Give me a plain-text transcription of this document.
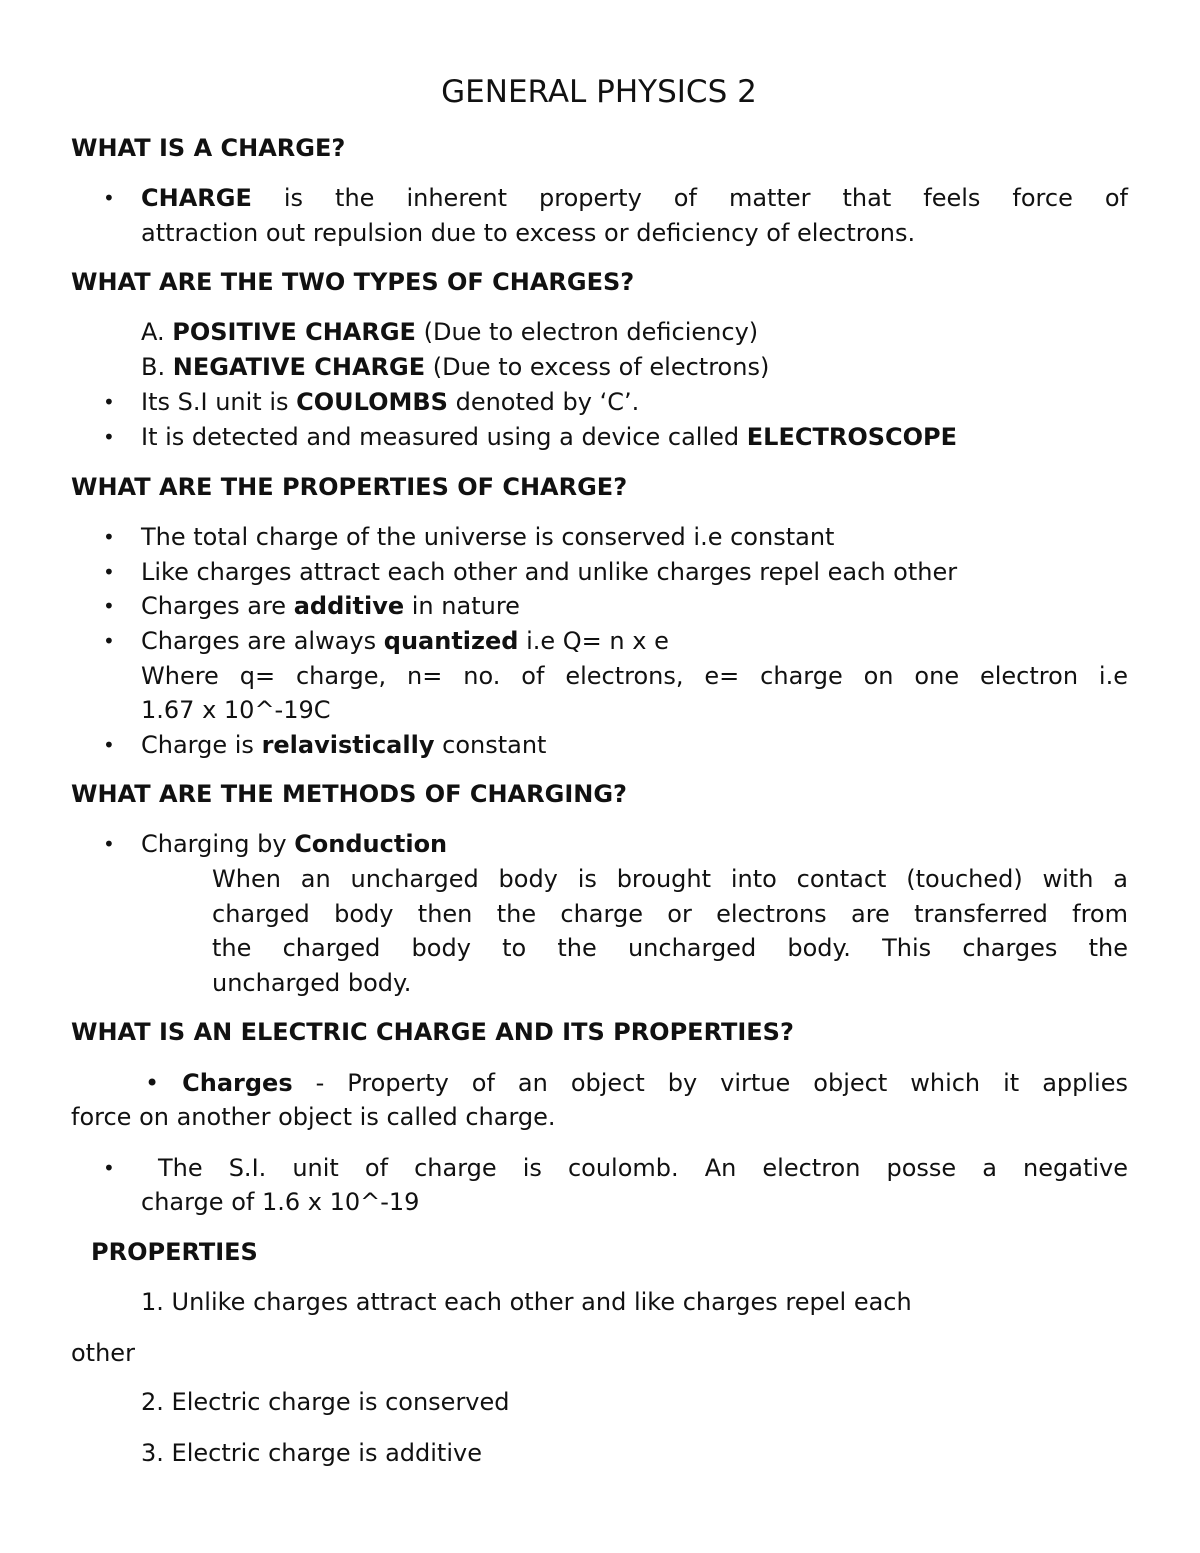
GENERAL PHYSICS 2
WHAT IS A CHARGE?
• CHARGE is the inherent property of matter that feels force of
attraction out repulsion due to excess or deficiency of electrons.
WHAT ARE THE TWO TYPES OF CHARGES?
A. POSITIVE CHARGE (Due to electron deficiency)
B. NEGATIVE CHARGE (Due to excess of electrons)
• Its S.I unit is COULOMBS denoted by ‘C’.
• It is detected and measured using a device called ELECTROSCOPE
WHAT ARE THE PROPERTIES OF CHARGE?
• The total charge of the universe is conserved i.e constant
• Like charges attract each other and unlike charges repel each other
• Charges are additive in nature
• Charges are always quantized i.e Q= n x e
Where q= charge, n= no. of electrons, e= charge on one electron i.e
1.67 x 10^-19C
• Charge is relavistically constant
WHAT ARE THE METHODS OF CHARGING?
• Charging by Conduction
When an uncharged body is brought into contact (touched) with a
charged body then the charge or electrons are transferred from
the charged body to the uncharged body. This charges the
uncharged body.
WHAT IS AN ELECTRIC CHARGE AND ITS PROPERTIES?
• Charges - Property of an object by virtue object which it applies
force on another object is called charge.
• The S.I. unit of charge is coulomb. An electron posse a negative
charge of 1.6 x 10^-19
PROPERTIES
1. Unlike charges attract each other and like charges repel each
other
2. Electric charge is conserved
3. Electric charge is additive
